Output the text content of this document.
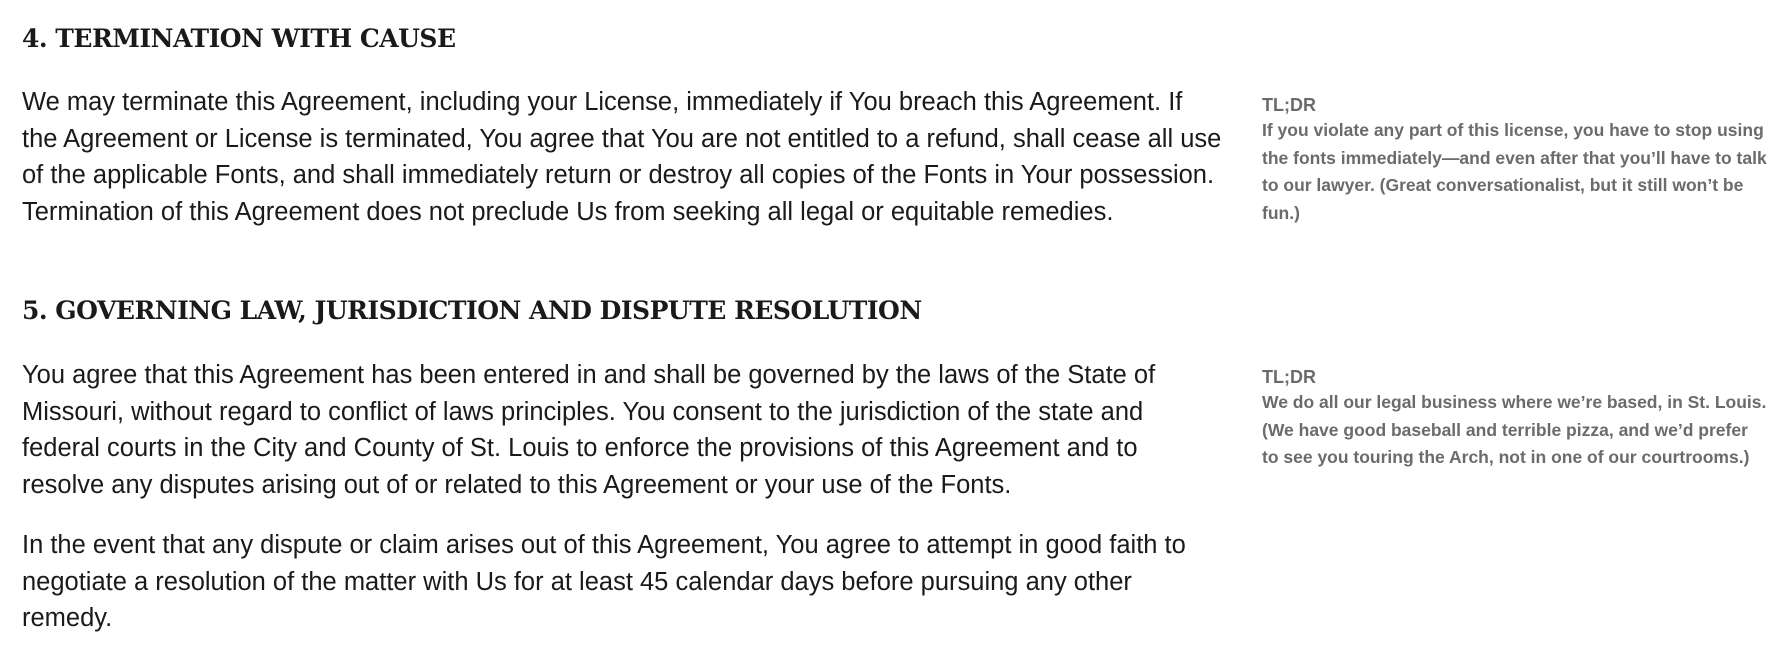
4. TERMINATION WITH CAUSE

We may terminate this Agreement, including your License, immediately if You breach this Agreement. If the Agreement or License is terminated, You agree that You are not entitled to a refund, shall cease all use of the applicable Fonts, and shall immediately return or destroy all copies of the Fonts in Your possession. Termination of this Agreement does not preclude Us from seeking all legal or equitable remedies.

TL;DR
If you violate any part of this license, you have to stop using the fonts immediately—and even after that you’ll have to talk to our lawyer. (Great conversationalist, but it still won’t be fun.)
5. GOVERNING LAW, JURISDICTION AND DISPUTE RESOLUTION

You agree that this Agreement has been entered in and shall be governed by the laws of the State of Missouri, without regard to conflict of laws principles. You consent to the jurisdiction of the state and federal courts in the City and County of St. Louis to enforce the provisions of this Agreement and to resolve any disputes arising out of or related to this Agreement or your use of the Fonts.

In the event that any dispute or claim arises out of this Agreement, You agree to attempt in good faith to negotiate a resolution of the matter with Us for at least 45 calendar days before pursuing any other remedy.

TL;DR
We do all our legal business where we’re based, in St. Louis. (We have good baseball and terrible pizza, and we’d prefer to see you touring the Arch, not in one of our courtrooms.)
